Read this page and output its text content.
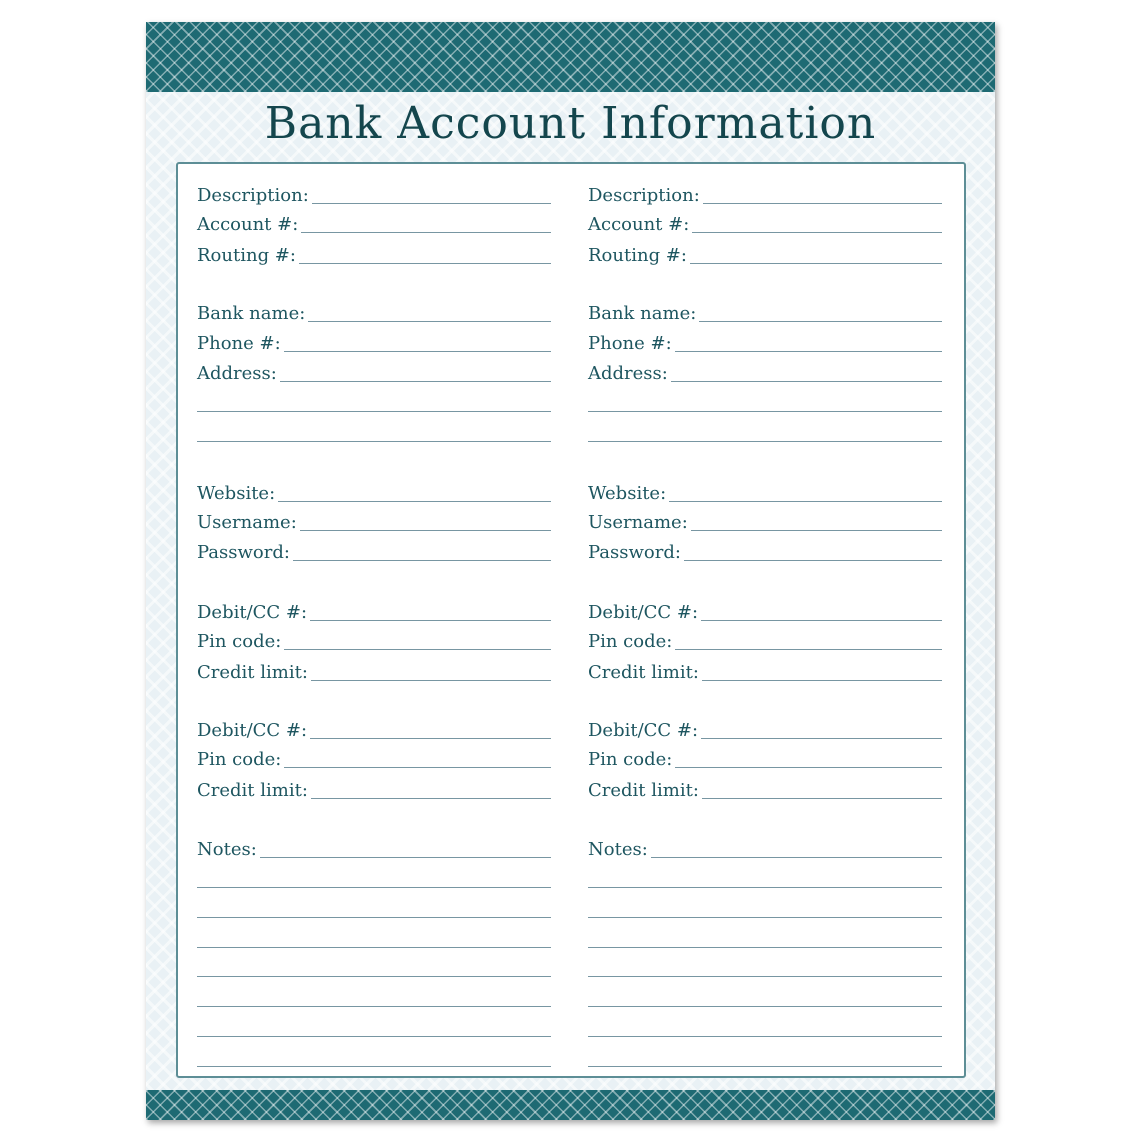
Bank Account Information
Description:
Account #:
Routing #:
Bank name:
Phone #:
Address:
Website:
Username:
Password:
Debit/CC #:
Pin code:
Credit limit:
Debit/CC #:
Pin code:
Credit limit:
Notes:
Description:
Account #:
Routing #:
Bank name:
Phone #:
Address:
Website:
Username:
Password:
Debit/CC #:
Pin code:
Credit limit:
Debit/CC #:
Pin code:
Credit limit:
Notes:
